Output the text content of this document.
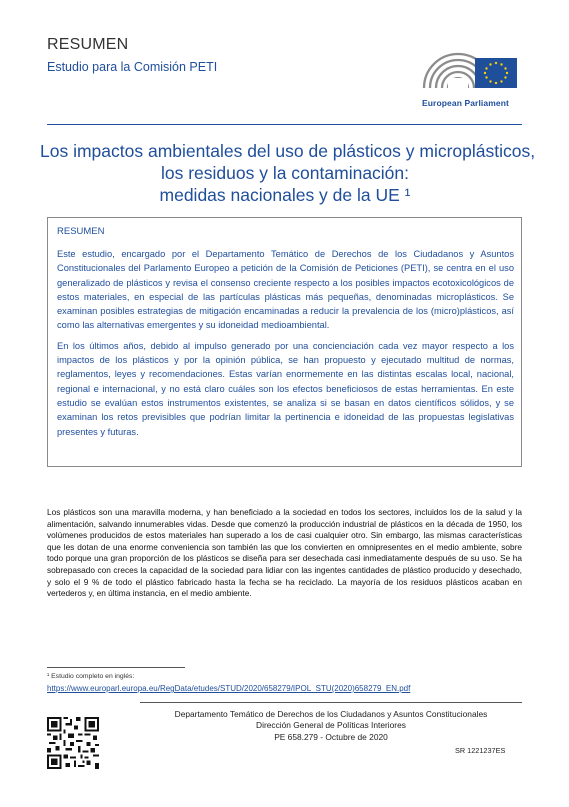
RESUMEN
Estudio para la Comisión PETI
European Parliament
Los impactos ambientales del uso de plásticos y microplásticos,
los residuos y la contaminación:
medidas nacionales y de la UE ¹
RESUMEN

Este estudio, encargado por el Departamento Temático de Derechos de los Ciudadanos y Asuntos Constitucionales del Parlamento Europeo a petición de la Comisión de Peticiones (PETI), se centra en el uso generalizado de plásticos y revisa el consenso creciente respecto a los posibles impactos ecotoxicológicos de estos materiales, en especial de las partículas plásticas más pequeñas, denominadas microplásticos. Se examinan posibles estrategias de mitigación encaminadas a reducir la prevalencia de los (micro)plásticos, así como las alternativas emergentes y su idoneidad medioambiental.

En los últimos años, debido al impulso generado por una concienciación cada vez mayor respecto a los impactos de los plásticos y por la opinión pública, se han propuesto y ejecutado multitud de normas, reglamentos, leyes y recomendaciones. Estas varían enormemente en las distintas escalas local, nacional, regional e internacional, y no está claro cuáles son los efectos beneficiosos de estas herramientas. En este estudio se evalúan estos instrumentos existentes, se analiza si se basan en datos científicos sólidos, y se examinan los retos previsibles que podrían limitar la pertinencia e idoneidad de las propuestas legislativas presentes y futuras.

Los plásticos son una maravilla moderna, y han beneficiado a la sociedad en todos los sectores, incluidos los de la salud y la alimentación, salvando innumerables vidas. Desde que comenzó la producción industrial de plásticos en la década de 1950, los volúmenes producidos de estos materiales han superado a los de casi cualquier otro. Sin embargo, las mismas características que les dotan de una enorme conveniencia son también las que los convierten en omnipresentes en el medio ambiente, sobre todo porque una gran proporción de los plásticos se diseña para ser desechada casi inmediatamente después de su uso. Se ha sobrepasado con creces la capacidad de la sociedad para lidiar con las ingentes cantidades de plástico producido y desechado, y solo el 9 % de todo el plástico fabricado hasta la fecha se ha reciclado. La mayoría de los residuos plásticos acaban en vertederos y, en última instancia, en el medio ambiente.

¹ Estudio completo en inglés:
https://www.europarl.europa.eu/RegData/etudes/STUD/2020/658279/IPOL_STU(2020)658279_EN.pdf
Departamento Temático de Derechos de los Ciudadanos y Asuntos Constitucionales
Dirección General de Políticas Interiores
PE 658.279 - Octubre de 2020
SR 1221237ES
